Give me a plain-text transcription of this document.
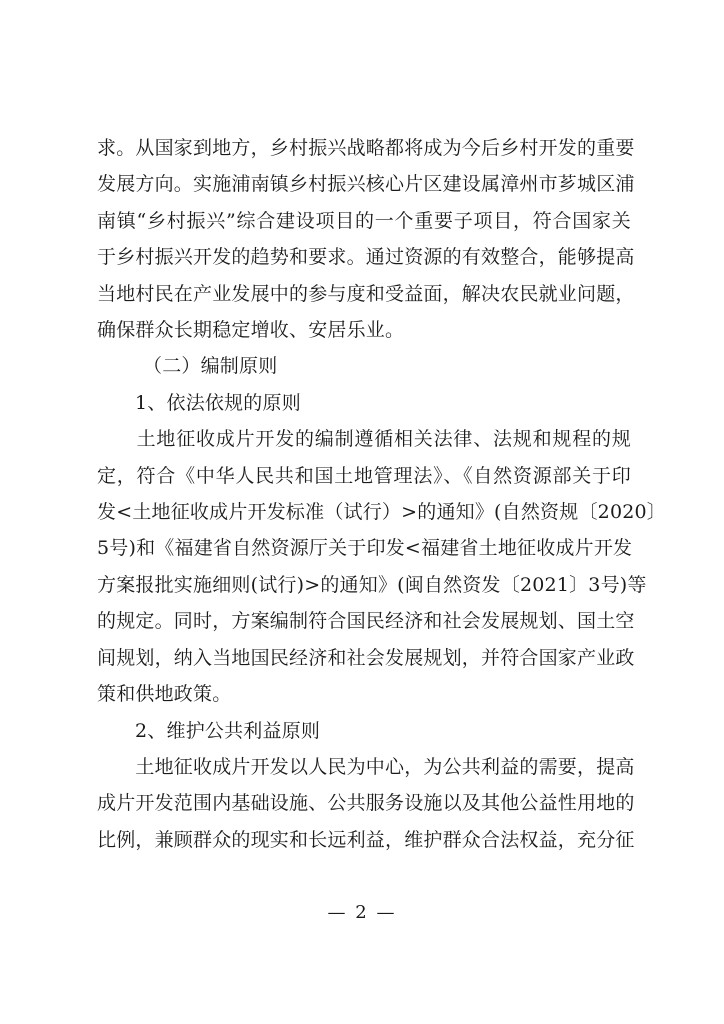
求。从国家到地方，乡村振兴战略都将成为今后乡村开发的重要
发展方向。实施浦南镇乡村振兴核心片区建设属漳州市芗城区浦
南镇“乡村振兴”综合建设项目的一个重要子项目，符合国家关
于乡村振兴开发的趋势和要求。通过资源的有效整合，能够提高
当地村民在产业发展中的参与度和受益面，解决农民就业问题，
确保群众长期稳定增收、安居乐业。
（二）编制原则
1、依法依规的原则
　　土地征收成片开发的编制遵循相关法律、法规和规程的规
定，符合《中华人民共和国土地管理法》、《自然资源部关于印
发<土地征收成片开发标准（试行）>的通知》(自然资规〔2020〕
5号)和《福建省自然资源厅关于印发<福建省土地征收成片开发
方案报批实施细则(试行)>的通知》(闽自然资发〔2021〕3号)等
的规定。同时，方案编制符合国民经济和社会发展规划、国土空
间规划，纳入当地国民经济和社会发展规划，并符合国家产业政
策和供地政策。
2、维护公共利益原则
　　土地征收成片开发以人民为中心，为公共利益的需要，提高
成片开发范围内基础设施、公共服务设施以及其他公益性用地的
比例，兼顾群众的现实和长远利益，维护群众合法权益，充分征
— 2 —
